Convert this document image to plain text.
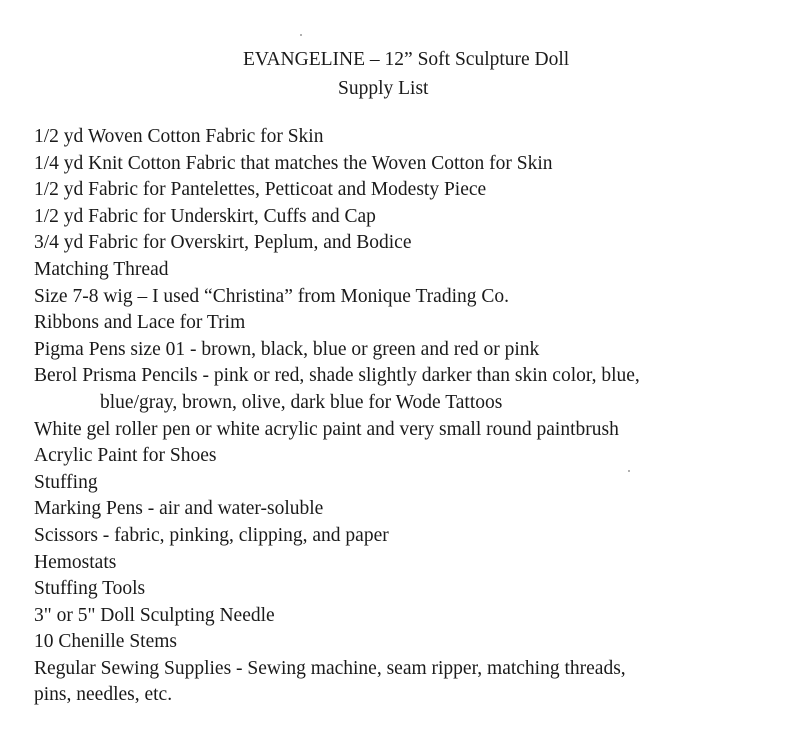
EVANGELINE – 12” Soft Sculpture Doll
Supply List
1/2 yd Woven Cotton Fabric for Skin
1/4 yd Knit Cotton Fabric that matches the Woven Cotton for Skin
1/2 yd Fabric for Pantelettes, Petticoat and Modesty Piece
1/2 yd Fabric for Underskirt, Cuffs and Cap
3/4 yd Fabric for Overskirt, Peplum, and Bodice
Matching Thread
Size 7-8 wig – I used “Christina” from Monique Trading Co.
Ribbons and Lace for Trim
Pigma Pens size 01 - brown, black, blue or green and red or pink
Berol Prisma Pencils - pink or red, shade slightly darker than skin color, blue,
blue/gray, brown, olive, dark blue for Wode Tattoos
White gel roller pen or white acrylic paint and very small round paintbrush
Acrylic Paint for Shoes
Stuffing
Marking Pens - air and water-soluble
Scissors - fabric, pinking, clipping, and paper
Hemostats
Stuffing Tools
3" or 5" Doll Sculpting Needle
10 Chenille Stems
Regular Sewing Supplies - Sewing machine, seam ripper, matching threads,
pins, needles, etc.
